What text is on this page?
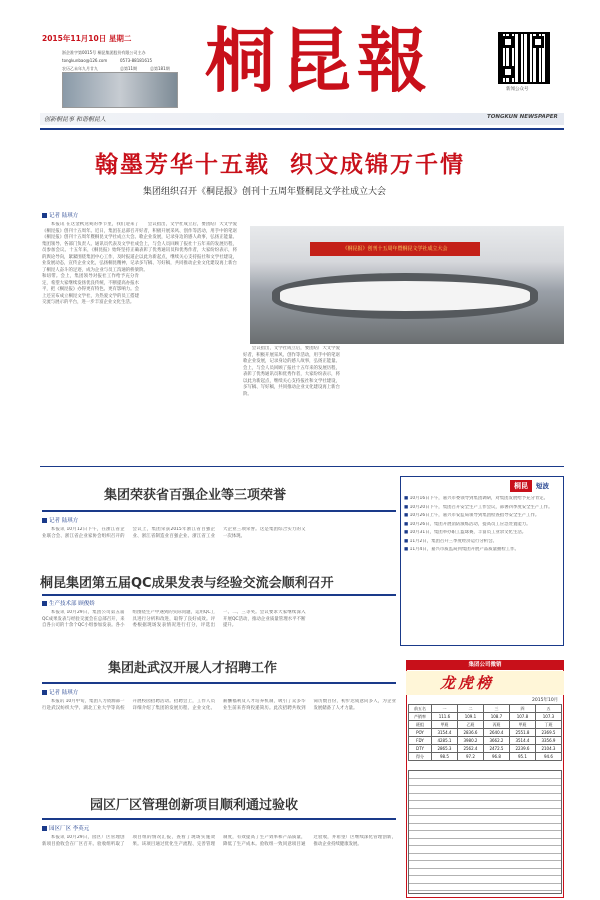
2015年11月10日 星期二
浙企准字第0015号 桐昆集团股份有限公司主办
tongkunbao@126.com	0573-88181615
农历乙未年九月廿九	总第11期	总第181期 桐昆報	新闻公众号
创新桐昆事 和谐桐昆人	TONGKUN NEWSPAPER
翰墨芳华十五载 织文成锦万千情
集团组织召开《桐昆报》创刊十五周年暨桐昆文学社成立大会
记者 陆琪方
本报讯 在这金秋送爽的季节里，我们迎来了《桐昆报》创刊十五周年。近日，集团在总部召开《桐昆报》创刊十五周年暨桐昆文学社成立大会。集团领导、各部门负责人、通讯员代表及文学社成员参加会议。十五年来，《桐昆报》始终坚持正确的舆论导向，紧紧围绕集团中心工作，及时报道企业发展动态，宣传企业文化，弘扬桐昆精神，记录了桐昆人奋斗的足迹，成为企业与员工沟通的桥梁和纽带。会上，集团领导对报社工作给予充分肯定，希望大家继续发扬优良传统，不断提高办报水平，把《桐昆报》办得更有特色、更有影响力。会上还宣布成立桐昆文学社，为热爱文学的员工搭建交流与展示的平台，进一步丰富企业文化生活。
会议指出，文学社成立后，要团结广大文学爱好者，积极开展采风、创作等活动，用手中的笔讴歌企业发展，记录身边的感人故事，弘扬正能量。会上，与会人员回顾了报社十五年来的发展历程，表彰了优秀通讯员和优秀作者，大家纷纷表示，将以此为新起点，继续关心支持报社和文学社建设，多写稿、写好稿，共同推动企业文化建设再上新台阶。
会议指出，文学社成立后，要团结广大文学爱好者，积极开展采风、创作等活动，用手中的笔讴歌企业发展，记录身边的感人故事，弘扬正能量。会上，与会人员回顾了报社十五年来的发展历程，表彰了优秀通讯员和优秀作者，大家纷纷表示，将以此为新起点，继续关心支持报社和文学社建设，多写稿、写好稿，共同推动企业文化建设再上新台阶。
《桐昆报》创刊十五周年暨桐昆文学社成立大会
集团荣获省百强企业等三项荣誉
记者 陆琪方
本报讯 10月12日下午，在浙江省企业联合会、浙江省企业家协会组织召开的会议上，集团荣获2015年浙江省百强企业、浙江省制造业百强企业、浙江省工业大企业三项荣誉。这是集团综合实力的又一次体现。
桐昆集团第五届QC成果发表与经验交流会顺利召开
生产技术部 顾俊娇
本报讯 10月29日，集团公司第五届QC成果发表与经验交流会在总部召开，来自各公司的十余个QC小组参加发表。各小组围绕生产中遇到的实际问题，运用QC工具进行分析和改进，取得了良好成效。评委根据现场发表情况进行打分，评选出一、二、三等奖。会议要求大家继续深入开展QC活动，推动企业质量管理水平不断提升。
集团赴武汉开展人才招聘工作
记者 陆琪方
本报讯 10月中旬，集团人力资源部一行赴武汉纺织大学、湖北工业大学等高校开展校园招聘活动。招聘会上，工作人员详细介绍了集团的发展历程、企业文化、薪酬福利及人才培养机制，吸引了众多毕业生前来咨询投递简历。此次招聘共收到简历数百份，初步达成意向多人，为企业发展储备了人才力量。
园区厂区管理创新项目顺利通过验收
园区厂区 李英元
本报讯 10月29日，园区厂区管理创新项目验收会在厂区召开。验收组听取了项目组的情况汇报，查看了现场实施效果。该项目通过优化生产流程、完善管理制度，有效提高了生产效率和产品质量，降低了生产成本。验收组一致同意项目通过验收，并希望厂区继续深化管理创新，推动企业持续健康发展。
桐昆	短波
■ 10月16日下午，嘉兴市委领导到集团调研，对集团发展给予充分肯定。
■ 10月20日下午，集团召开安全生产工作会议，部署四季度安全生产工作。
■ 10月26日上午，嘉兴市安监局领导到集团检查指导安全生产工作。
■ 10月26日，集团开展消防演练活动，提高员工应急处置能力。
■ 10月31日，集团举办职工篮球赛，丰富员工业余文化生活。
■ 11月2日，集团召开三季度经济运行分析会。
■ 11月4日，嘉兴市质监局到集团开展产品质量抽检工作。
集团公司微销
龙虎榜
2015年10月
前五名	一	二	三	四	五
产销率	111.6	109.1	108.7	107.8	107.3
班组	甲班	乙班	丙班	甲班	丁班
POY	3154.4	2836.6	2640.4	2551.8	2369.5
FDY	4285.1	3980.2	3662.2	3514.4	3356.9
DTY	2865.3	2562.4	2472.5	2239.6	2104.3
得分	98.5	97.2	96.8	95.1	94.6
